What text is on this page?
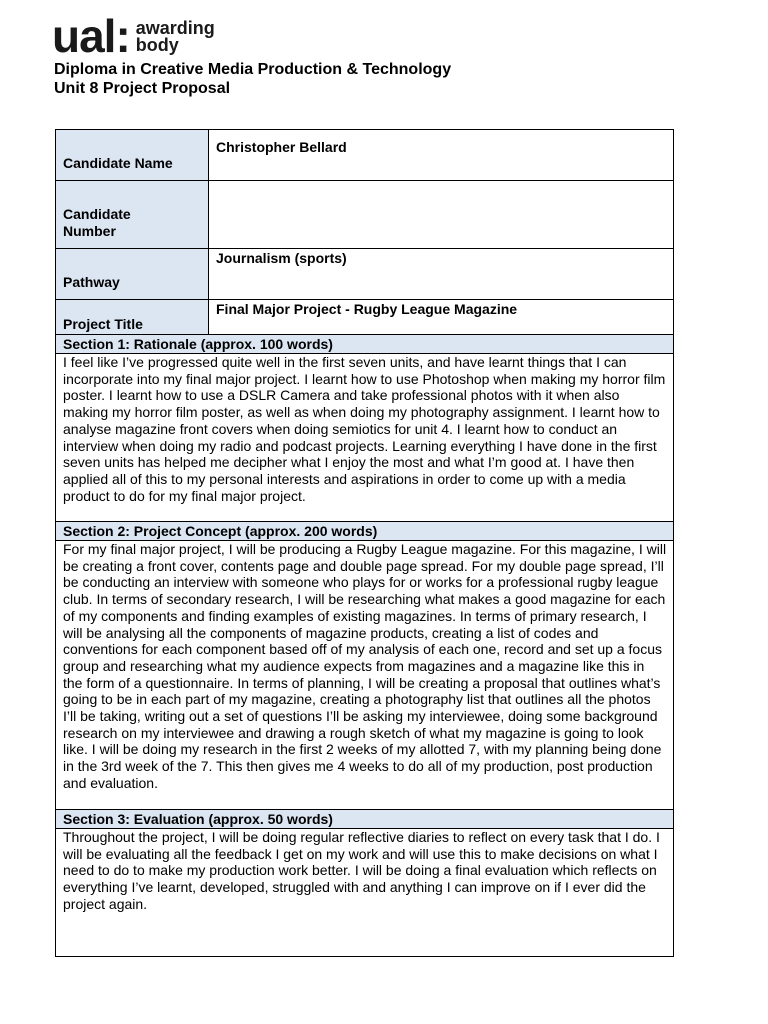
ual: awarding
body
Diploma in Creative Media Production & Technology
Unit 8 Project Proposal
Candidate Name	Christopher Bellard

Candidate
Number	

Pathway	Journalism (sports)

Project Title	Final Major Project - Rugby League Magazine
Section 1: Rationale (approx. 100 words)	

I feel like I’ve progressed quite well in the first seven units, and have learnt things that I can incorporate into my final major project. I learnt how to use Photoshop when making my horror film poster. I learnt how to use a DSLR Camera and take professional photos with it when also making my horror film poster, as well as when doing my photography assignment. I learnt how to analyse magazine front covers when doing semiotics for unit 4. I learnt how to conduct an interview when doing my radio and podcast projects. Learning everything I have done in the first seven units has helped me decipher what I enjoy the most and what I’m good at. I have then applied all of this to my personal interests and aspirations in order to come up with a media product to do for my final major project.	

Section 2: Project Concept (approx. 200 words)	

For my final major project, I will be producing a Rugby League magazine. For this magazine, I will be creating a front cover, contents page and double page spread. For my double page spread, I’ll be conducting an interview with someone who plays for or works for a professional rugby league club. In terms of secondary research, I will be researching what makes a good magazine for each of my components and finding examples of existing magazines. In terms of primary research, I will be analysing all the components of magazine products, creating a list of codes and conventions for each component based off of my analysis of each one, record and set up a focus group and researching what my audience expects from magazines and a magazine like this in the form of a questionnaire. In terms of planning, I will be creating a proposal that outlines what’s going to be in each part of my magazine, creating a photography list that outlines all the photos I’ll be taking, writing out a set of questions I’ll be asking my interviewee, doing some background research on my interviewee and drawing a rough sketch of what my magazine is going to look like. I will be doing my research in the first 2 weeks of my allotted 7, with my planning being done in the 3rd week of the 7. This then gives me 4 weeks to do all of my production, post production and evaluation.	

Section 3: Evaluation (approx. 50 words)	

Throughout the project, I will be doing regular reflective diaries to reflect on every task that I do. I will be evaluating all the feedback I get on my work and will use this to make decisions on what I need to do to make my production work better. I will be doing a final evaluation which reflects on everything I’ve learnt, developed, struggled with and anything I can improve on if I ever did the project again.	
